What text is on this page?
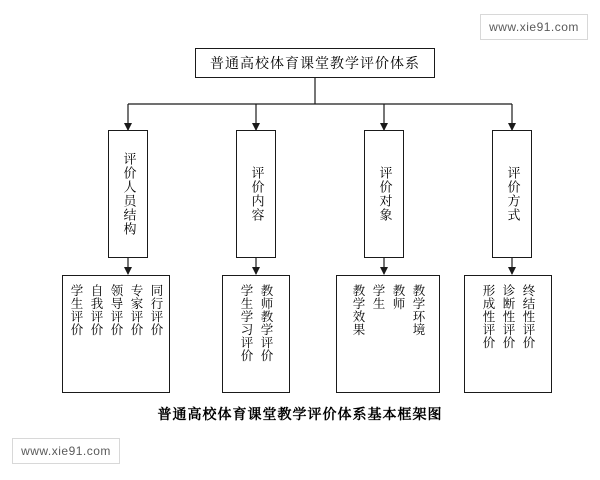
普通高校体育课堂教学评价体系
评价人员结构	评价内容	评价对象	评价方式
同行评价
专家评价
领导评价
自我评价
学生评价	教师教学评价
学生学习评价	教学环境
教师
学生
教学效果	终结性评价
诊断性评价
形成性评价
普通高校体育课堂教学评价体系基本框架图
www.xie91.com
www.xie91.com
